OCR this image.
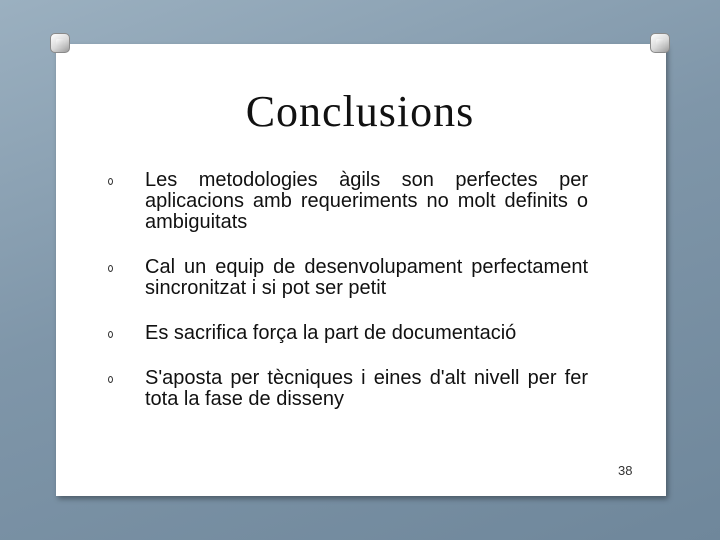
Conclusions
Les metodologies àgils son perfectes per aplicacions amb requeriments no molt definits o ambiguitats
Cal un equip de desenvolupament perfectament sincronitzat i si pot ser petit
Es sacrifica força la part de documentació
S'aposta per tècniques i eines d'alt nivell per fer tota la fase de disseny
38
